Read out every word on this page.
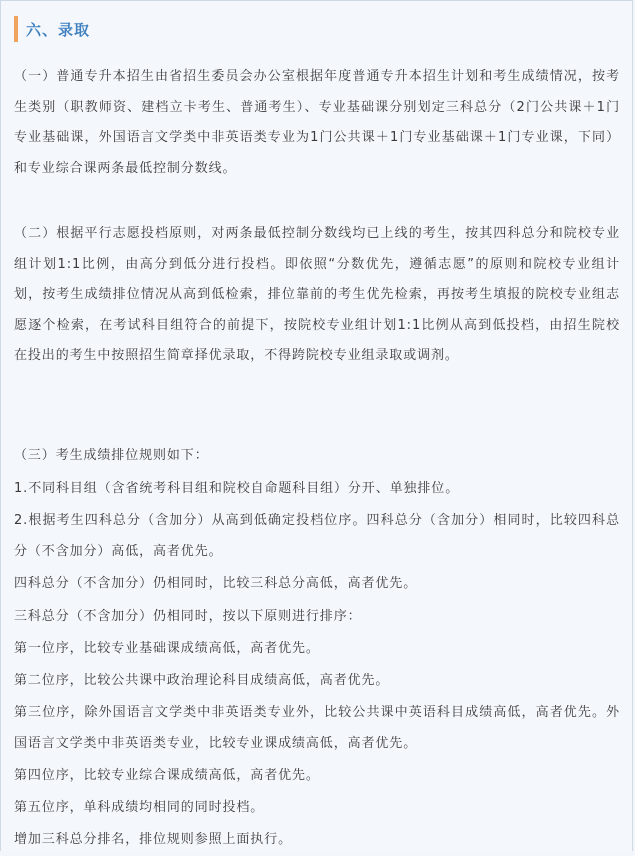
六、录取

（一）普通专升本招生由省招生委员会办公室根据年度普通专升本招生计划和考生成绩情况，按考生类别（职教师资、建档立卡考生、普通考生）、专业基础课分别划定三科总分（2门公共课＋1门专业基础课，外国语言文学类中非英语类专业为1门公共课＋1门专业基础课＋1门专业课，下同）和专业综合课两条最低控制分数线。

（二）根据平行志愿投档原则，对两条最低控制分数线均已上线的考生，按其四科总分和院校专业组计划1:1比例，由高分到低分进行投档。即依照“分数优先，遵循志愿”的原则和院校专业组计划，按考生成绩排位情况从高到低检索，排位靠前的考生优先检索，再按考生填报的院校专业组志愿逐个检索，在考试科目组符合的前提下，按院校专业组计划1:1比例从高到低投档，由招生院校在投出的考生中按照招生简章择优录取，不得跨院校专业组录取或调剂。

（三）考生成绩排位规则如下：

1.不同科目组（含省统考科目组和院校自命题科目组）分开、单独排位。

2.根据考生四科总分（含加分）从高到低确定投档位序。四科总分（含加分）相同时，比较四科总分（不含加分）高低，高者优先。

四科总分（不含加分）仍相同时，比较三科总分高低，高者优先。

三科总分（不含加分）仍相同时，按以下原则进行排序：

第一位序，比较专业基础课成绩高低，高者优先。

第二位序，比较公共课中政治理论科目成绩高低，高者优先。

第三位序，除外国语言文学类中非英语类专业外，比较公共课中英语科目成绩高低，高者优先。外国语言文学类中非英语类专业，比较专业课成绩高低，高者优先。

第四位序，比较专业综合课成绩高低，高者优先。

第五位序，单科成绩均相同的同时投档。

增加三科总分排名，排位规则参照上面执行。
